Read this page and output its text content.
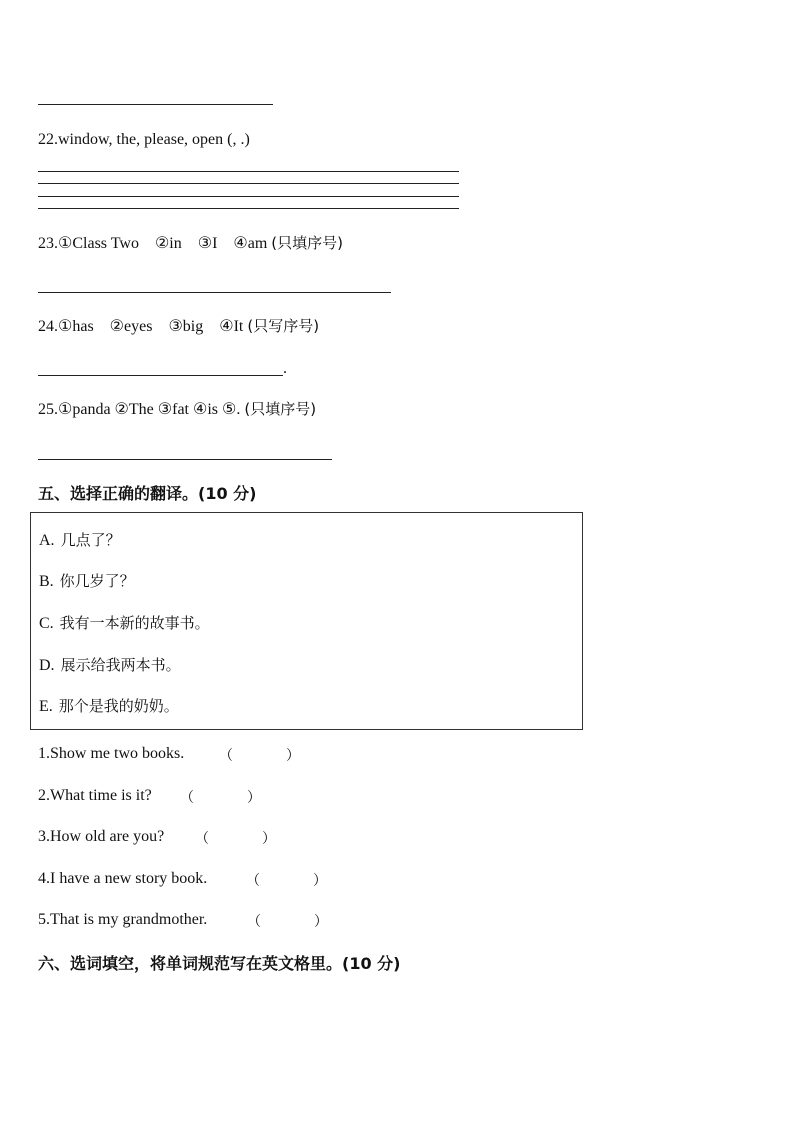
22.window, the, please, open (, .)
23.①Class Two　②in　③I　④am (只填序号)
24.①has　②eyes　③big　④It (只写序号)
.
25.①panda ②The ③fat ④is ⑤. (只填序号)
五、选择正确的翻译。(10 分)
A. 几点了？
B. 你几岁了？
C. 我有一本新的故事书。
D. 展示给我两本书。
E. 那个是我的奶奶。
1.Show me two books. （	）
2.What time is it? （	）
3.How old are you? （	）
4.I have a new story book.	（	）
5.That is my grandmother.	（	）
六、选词填空，将单词规范写在英文格里。(10 分)
